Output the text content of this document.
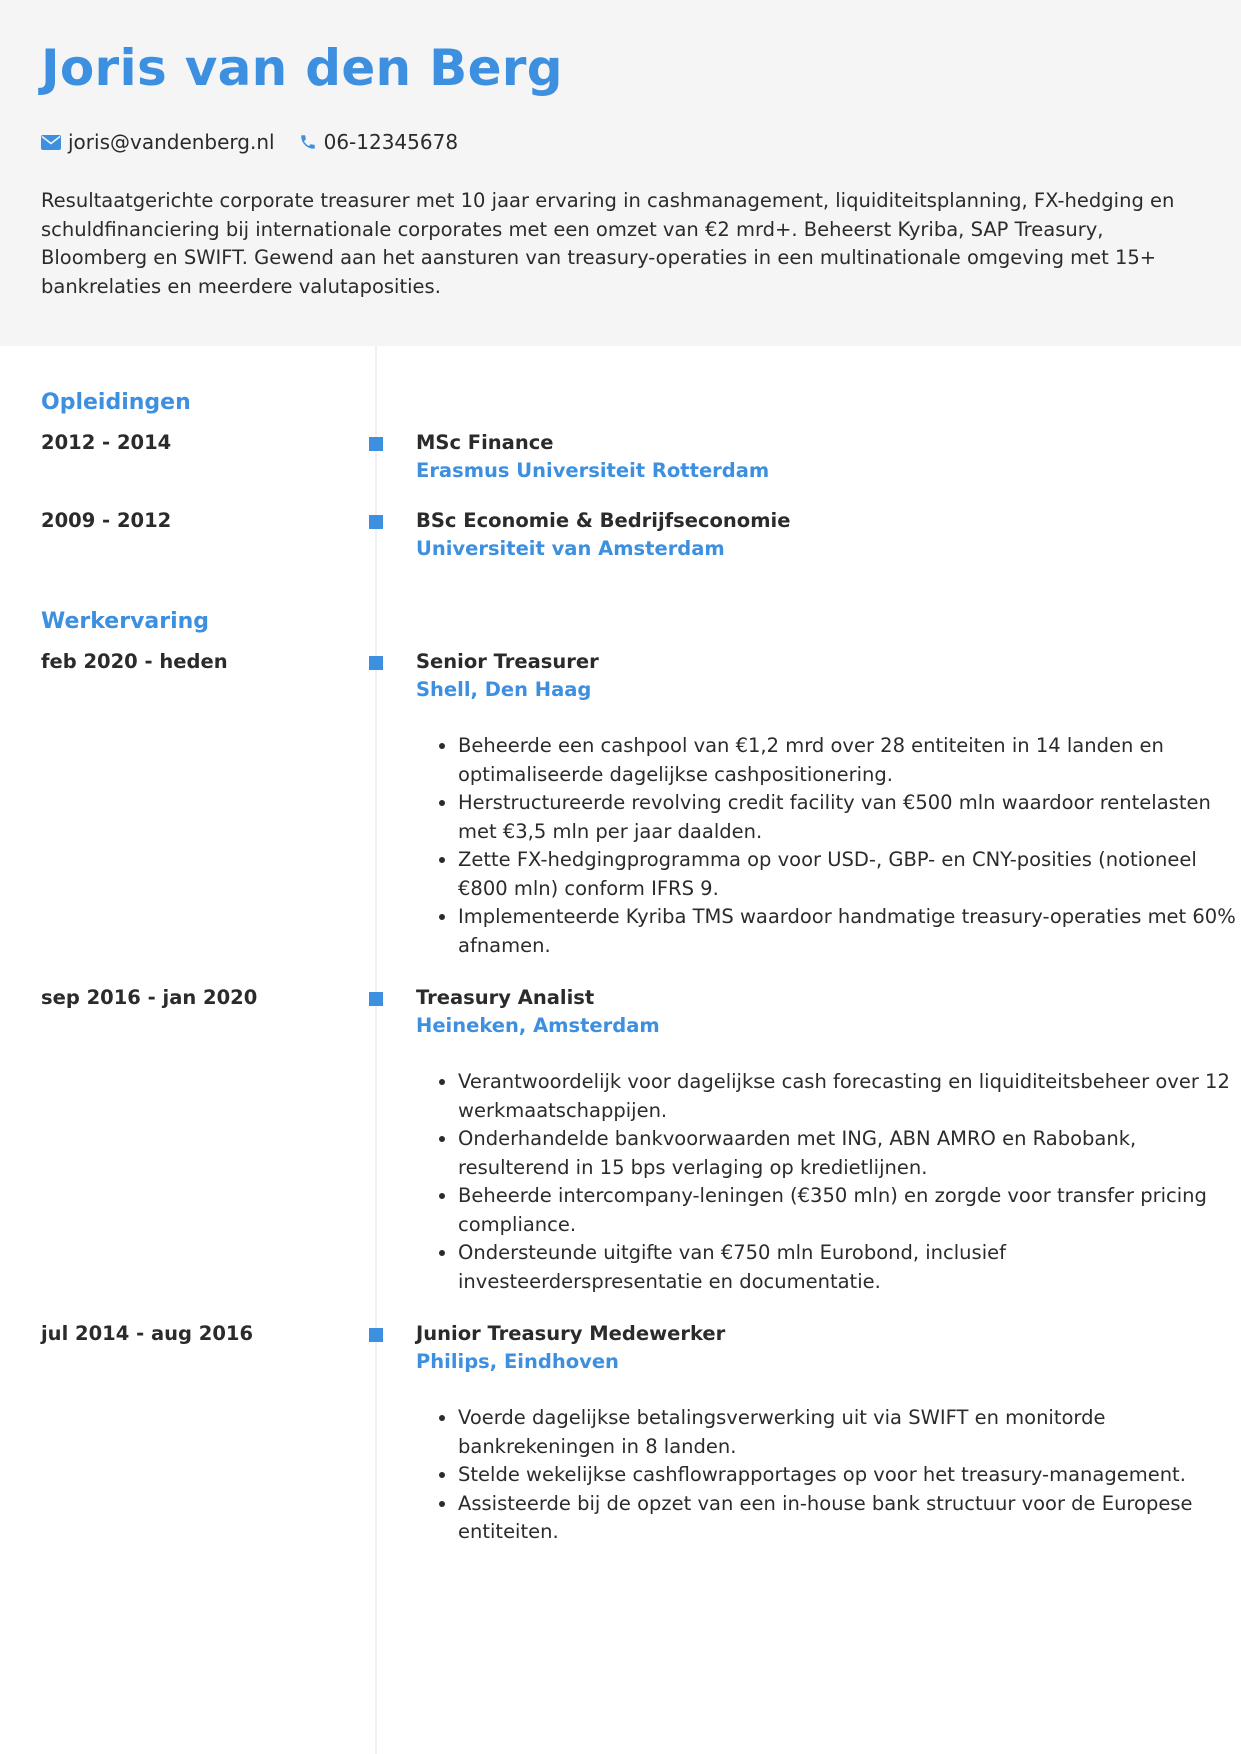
Joris van den Berg
joris@vandenberg.nl 06-12345678

Resultaatgerichte corporate treasurer met 10 jaar ervaring in cashmanagement, liquiditeitsplanning, FX-hedging en schuldfinanciering bij internationale corporates met een omzet van €2 mrd+. Beheerst Kyriba, SAP Treasury, Bloomberg en SWIFT. Gewend aan het aansturen van treasury-operaties in een multinationale omgeving met 15+ bankrelaties en meerdere valutaposities.

Opleidingen
2012 - 2014	MSc Finance
Erasmus Universiteit Rotterdam
2009 - 2012	BSc Economie & Bedrijfseconomie
Universiteit van Amsterdam
Werkervaring
feb 2020 - heden	Senior Treasurer
Shell, Den Haag
• Beheerde een cashpool van €1,2 mrd over 28 entiteiten in 14 landen en optimaliseerde dagelijkse cashpositionering.
• Herstructureerde revolving credit facility van €500 mln waardoor rentelasten met €3,5 mln per jaar daalden.
• Zette FX-hedgingprogramma op voor USD-, GBP- en CNY-posities (notioneel €800 mln) conform IFRS 9.
• Implementeerde Kyriba TMS waardoor handmatige treasury-operaties met 60% afnamen.
sep 2016 - jan 2020	Treasury Analist
Heineken, Amsterdam
• Verantwoordelijk voor dagelijkse cash forecasting en liquiditeitsbeheer over 12 werkmaatschappijen.
• Onderhandelde bankvoorwaarden met ING, ABN AMRO en Rabobank, resulterend in 15 bps verlaging op kredietlijnen.
• Beheerde intercompany-leningen (€350 mln) en zorgde voor transfer pricing compliance.
• Ondersteunde uitgifte van €750 mln Eurobond, inclusief investeerderspresentatie en documentatie.
jul 2014 - aug 2016	Junior Treasury Medewerker
Philips, Eindhoven
• Voerde dagelijkse betalingsverwerking uit via SWIFT en monitorde bankrekeningen in 8 landen.
• Stelde wekelijkse cashflowrapportages op voor het treasury-management.
• Assisteerde bij de opzet van een in-house bank structuur voor de Europese entiteiten.
